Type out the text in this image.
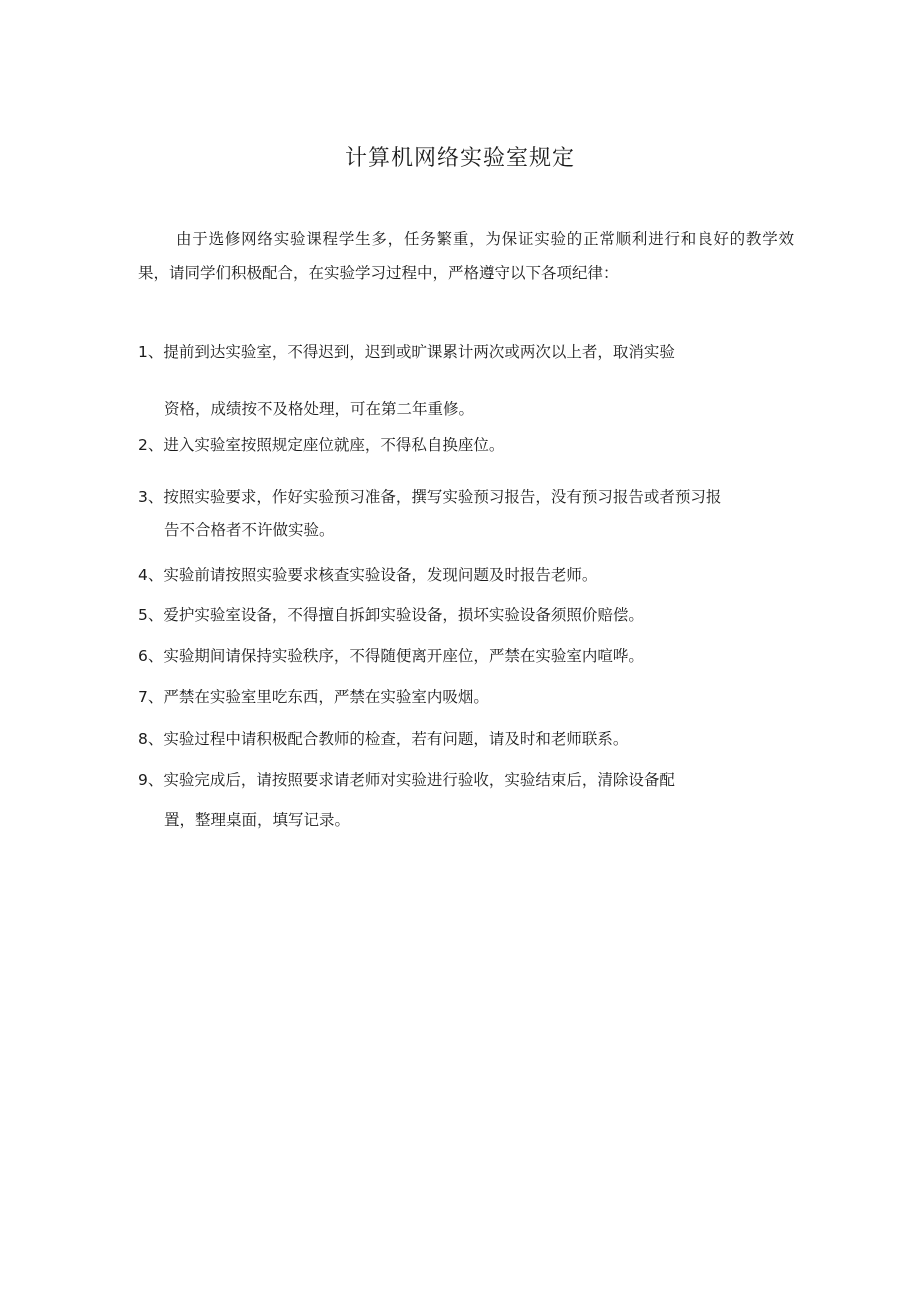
计算机网络实验室规定

由于选修网络实验课程学生多，任务繁重，为保证实验的正常顺利进行和良好的教学效果，请同学们积极配合，在实验学习过程中，严格遵守以下各项纪律：

1、提前到达实验室，不得迟到，迟到或旷课累计两次或两次以上者，取消实验
资格，成绩按不及格处理，可在第二年重修。
2、进入实验室按照规定座位就座，不得私自换座位。
3、按照实验要求，作好实验预习准备，撰写实验预习报告，没有预习报告或者预习报
告不合格者不许做实验。
4、实验前请按照实验要求核查实验设备，发现问题及时报告老师。
5、爱护实验室设备，不得擅自拆卸实验设备，损坏实验设备须照价赔偿。
6、实验期间请保持实验秩序，不得随便离开座位，严禁在实验室内喧哗。
7、严禁在实验室里吃东西，严禁在实验室内吸烟。
8、实验过程中请积极配合教师的检查，若有问题，请及时和老师联系。
9、实验完成后，请按照要求请老师对实验进行验收，实验结束后，清除设备配
置，整理桌面，填写记录。
